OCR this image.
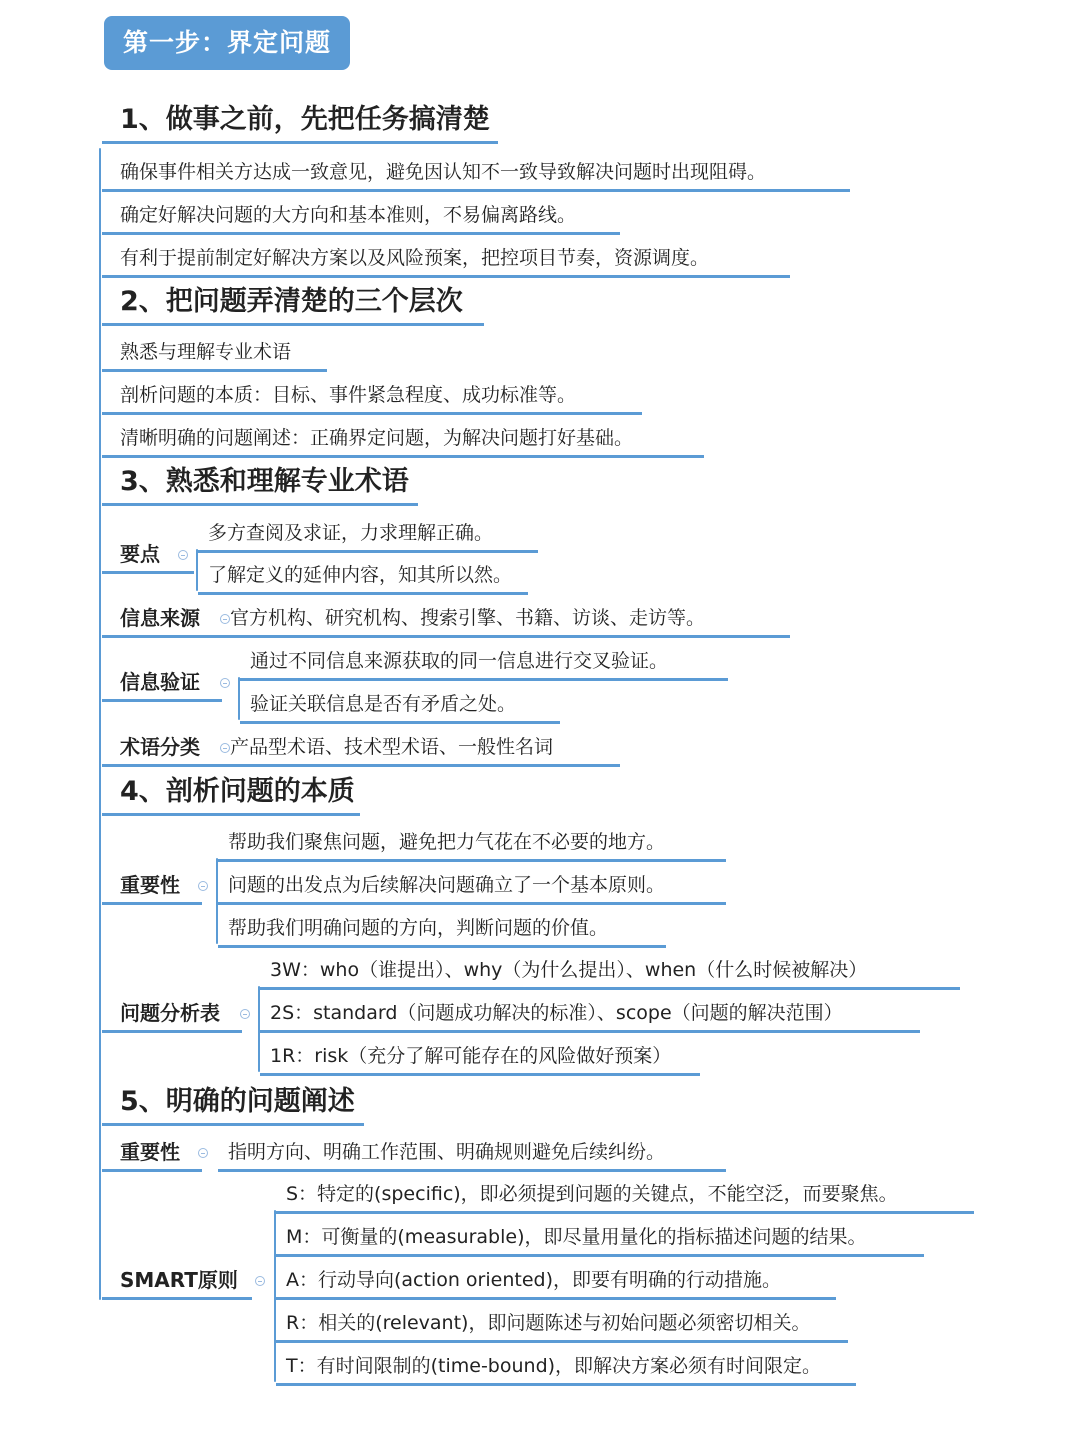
第一步：界定问题
1、做事之前，先把任务搞清楚
确保事件相关方达成一致意见，避免因认知不一致导致解决问题时出现阻碍。
确定好解决问题的大方向和基本准则，不易偏离路线。
有利于提前制定好解决方案以及风险预案，把控项目节奏，资源调度。
2、把问题弄清楚的三个层次
熟悉与理解专业术语
剖析问题的本质：目标、事件紧急程度、成功标准等。
清晰明确的问题阐述：正确界定问题，为解决问题打好基础。
3、熟悉和理解专业术语
要点
多方查阅及求证，力求理解正确。
了解定义的延伸内容，知其所以然。
信息来源	官方机构、研究机构、搜索引擎、书籍、访谈、走访等。
信息验证
通过不同信息来源获取的同一信息进行交叉验证。
验证关联信息是否有矛盾之处。
术语分类	产品型术语、技术型术语、一般性名词
4、剖析问题的本质
重要性
帮助我们聚焦问题，避免把力气花在不必要的地方。
问题的出发点为后续解决问题确立了一个基本原则。
帮助我们明确问题的方向，判断问题的价值。
问题分析表
3W：who（谁提出）、why（为什么提出）、when（什么时候被解决）
2S：standard（问题成功解决的标准）、scope（问题的解决范围）
1R：risk（充分了解可能存在的风险做好预案）
5、明确的问题阐述
重要性	指明方向、明确工作范围、明确规则避免后续纠纷。
SMART原则
S：特定的(specific)，即必须提到问题的关键点，不能空泛，而要聚焦。
M：可衡量的(measurable)，即尽量用量化的指标描述问题的结果。
A：行动导向(action oriented)，即要有明确的行动措施。
R：相关的(relevant)，即问题陈述与初始问题必须密切相关。
T：有时间限制的(time-bound)，即解决方案必须有时间限定。
